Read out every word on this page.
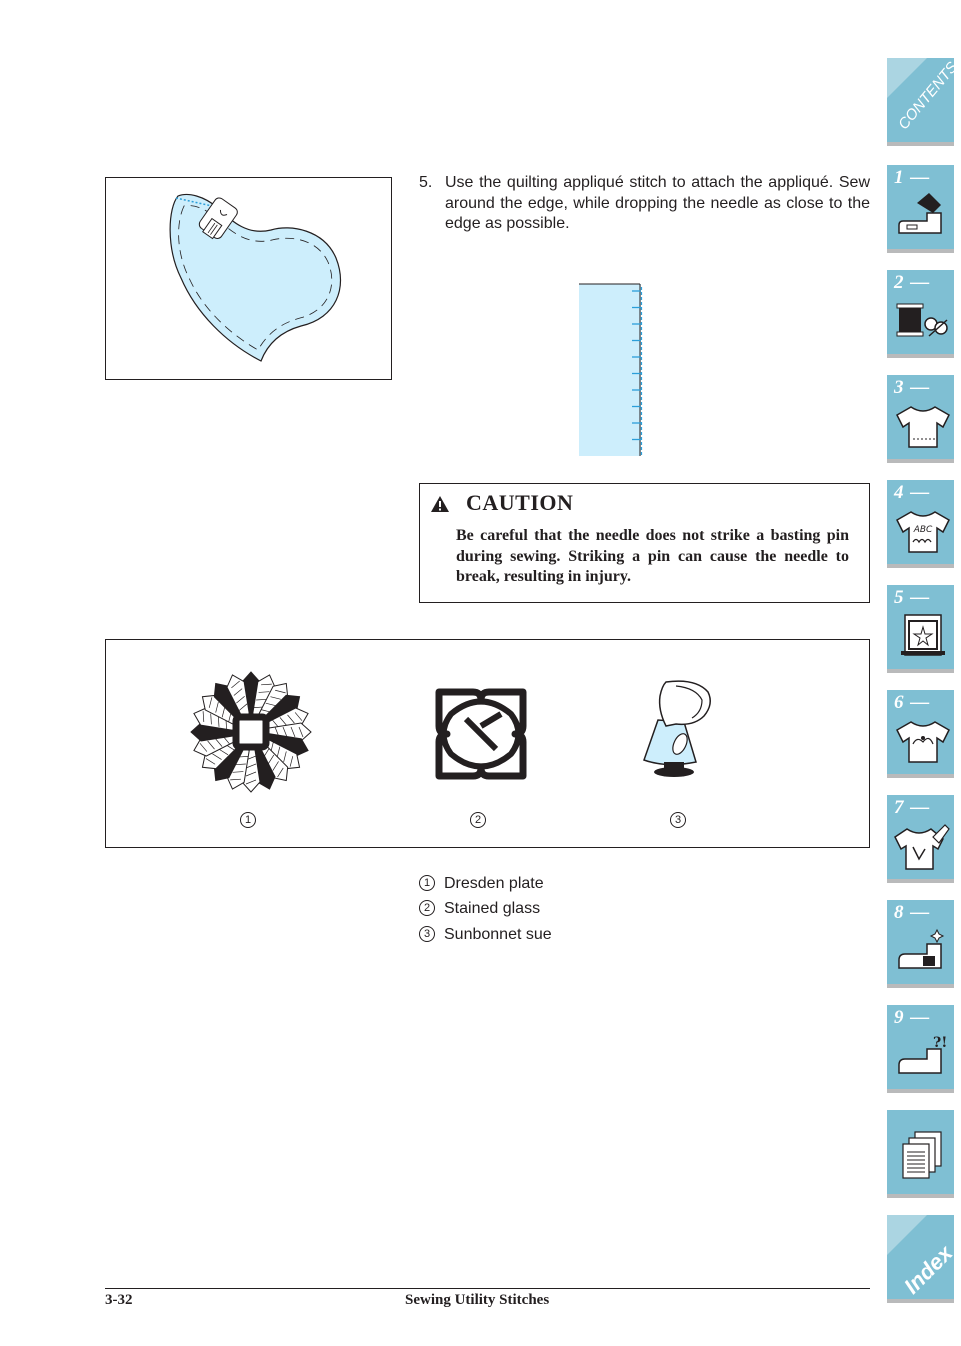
5. Use the quilting appliqué stitch to attach the appliqué. Sew around the edge, while dropping the needle as close to the edge as possible.
CAUTION
Be careful that the needle does not strike a basting pin during sewing. Striking a pin can cause the needle to break, resulting in injury.
1	2	3
1 Dresden plate
2 Stained glass
3 Sunbonnet sue
3-32	Sewing Utility Stitches
CONTENTS
1 —
2 —
3 —
4 —
ABC
5 —
6 —
7 —
8 —
9 —
?!
Index
